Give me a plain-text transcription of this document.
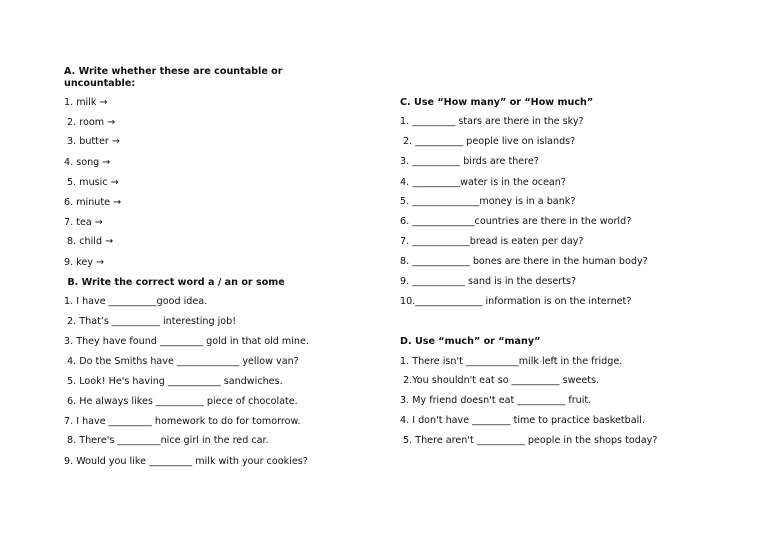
A. Write whether these are countable or
uncountable:
1. milk →
2. room →
3. butter →
4. song →
5. music →
6. minute →
7. tea →
8. child →
9. key →
B. Write the correct word a / an or some
1. I have __________good idea.
2. That’s __________ interesting job!
3. They have found _________ gold in that old mine.
4. Do the Smiths have _____________ yellow van?
5. Look! He's having ___________ sandwiches.
6. He always likes __________ piece of chocolate.
7. I have _________ homework to do for tomorrow.
8. There's _________nice girl in the red car.
9. Would you like _________ milk with your cookies?
C. Use “How many” or “How much”
1. _________ stars are there in the sky?
2. __________ people live on islands?
3. __________ birds are there?
4. __________water is in the ocean?
5. ______________money is in a bank?
6. _____________countries are there in the world?
7. ____________bread is eaten per day?
8. ____________ bones are there in the human body?
9. ___________ sand is in the deserts?
10.______________ information is on the internet?
D. Use “much” or “many”
1. There isn't ___________milk left in the fridge.
2.You shouldn't eat so __________ sweets.
3. My friend doesn't eat __________ fruit.
4. I don't have ________ time to practice basketball.
5. There aren't __________ people in the shops today?
